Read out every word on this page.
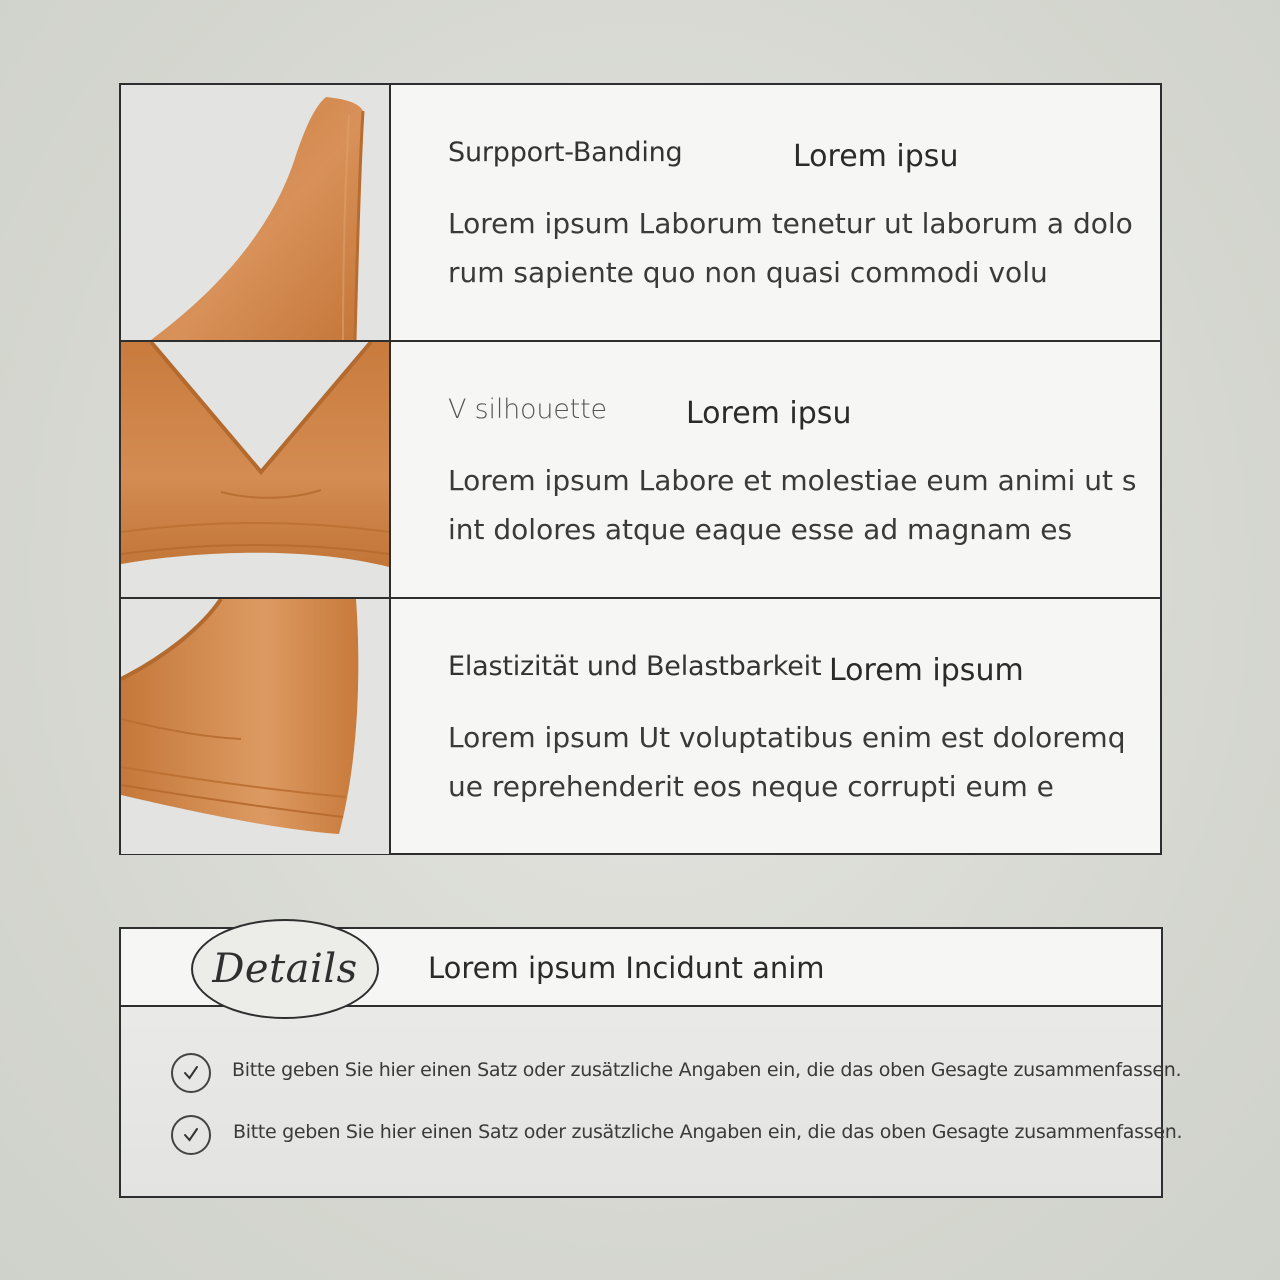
Surpport-Banding	Lorem ipsu
Lorem ipsum Laborum tenetur ut laborum a dolorum sapiente quo non quasi commodi volu
V silhouette	Lorem ipsu
Lorem ipsum Labore et molestiae eum animi ut sint dolores atque eaque esse ad magnam es
Elastizität und Belastbarkeit Lorem ipsum
Lorem ipsum Ut voluptatibus enim est doloremque reprehenderit eos neque corrupti eum e
Details Lorem ipsum Incidunt anim
Bitte geben Sie hier einen Satz oder zusätzliche Angaben ein, die das oben Gesagte zusammenfassen.
Bitte geben Sie hier einen Satz oder zusätzliche Angaben ein, die das oben Gesagte zusammenfassen.
